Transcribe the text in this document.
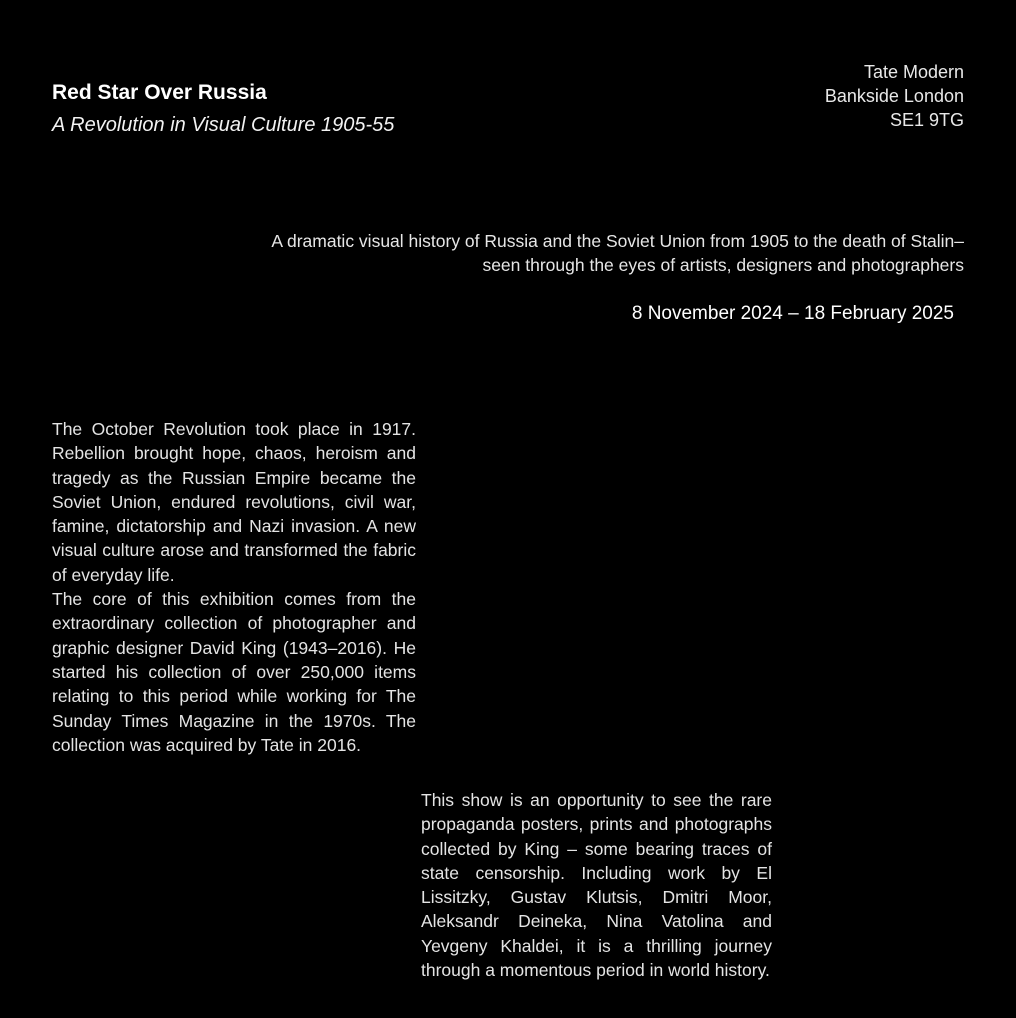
Red Star Over Russia
A Revolution in Visual Culture 1905-55
Tate Modern
Bankside London
SE1 9TG
A dramatic visual history of Russia and the Soviet Union from 1905 to the death of Stalin–
seen through the eyes of artists, designers and photographers
8 November 2024 – 18 February 2025

The October Revolution took place in 1917. Rebellion brought hope, chaos, heroism and tragedy as the Russian Empire became the Soviet Union, endured revolutions, civil war, famine, dictatorship and Nazi invasion. A new visual culture arose and transformed the fabric of everyday life.

The core of this exhibition comes from the extraordinary collection of photographer and graphic designer David King (1943–2016). He started his collection of over 250,000 items relating to this period while working for The Sunday Times Magazine in the 1970s. The collection was acquired by Tate in 2016.

This show is an opportunity to see the rare propaganda posters, prints and photographs collected by King – some bearing traces of state censorship. Including work by El Lissitzky, Gustav Klutsis, Dmitri Moor, Aleksandr Deineka, Nina Vatolina and Yevgeny Khaldei, it is a thrilling journey through a momentous period in world history.
